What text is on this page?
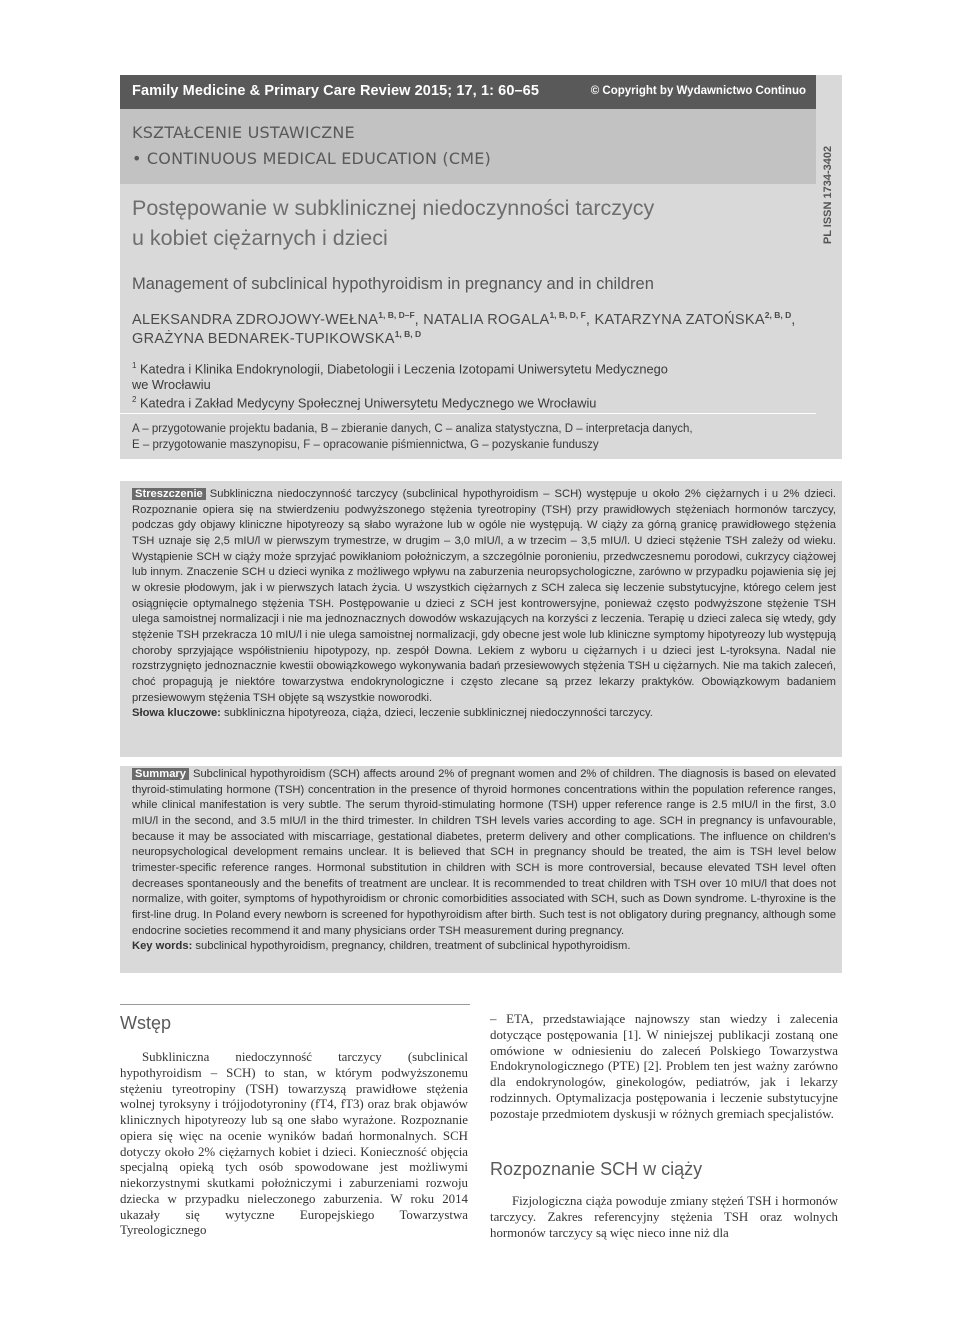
Family Medicine & Primary Care Review 2015; 17, 1: 60–65	© Copyright by Wydawnictwo Continuo
PL ISSN 1734-3402
KSZTAŁCENIE USTAWICZNE
• CONTINUOUS MEDICAL EDUCATION (CME)
Postępowanie w subklinicznej niedoczynności tarczycy
u kobiet ciężarnych i dzieci
Management of subclinical hypothyroidism in pregnancy and in children
ALEKSANDRA ZDROJOWY-$WEŁNA^{1, B, D-F}$, NATALIA $ROGALA^{1, B, D, F}$, KATARZYNA $ZATOŃSKA^{2, B, D}$,
GRAŻYNA BEDNAREK-$TUPIKOWSKA^{1, B, D}$
$^1$ Katedra i Klinika Endokrynologii, Diabetologii i Leczenia Izotopami Uniwersytetu Medycznego
we Wrocławiu
$^2$ Katedra i Zakład Medycyny Społecznej Uniwersytetu Medycznego we Wrocławiu
A – przygotowanie projektu badania, B – zbieranie danych, C – analiza statystyczna, D – interpretacja danych,
E – przygotowanie maszynopisu, F – opracowanie piśmiennictwa, G – pozyskanie funduszy
Streszczenie Subkliniczna niedoczynność tarczycy (subclinical hypothyroidism – SCH) występuje u około 2% ciężarnych i u 2% dzieci. Rozpoznanie opiera się na stwierdzeniu podwyższonego stężenia tyreotropiny (TSH) przy prawidłowych stężeniach hormonów tarczycy, podczas gdy objawy kliniczne hipotyreozy są słabo wyrażone lub w ogóle nie występują. W ciąży za górną granicę prawidłowego stężenia TSH uznaje się 2,5 mIU/l w pierwszym trymestrze, w drugim – 3,0 mIU/l, a w trzecim – 3,5 mIU/l. U dzieci stężenie TSH zależy od wieku. Wystąpienie SCH w ciąży może sprzyjać powikłaniom położniczym, a szczególnie poronieniu, przedwczesnemu porodowi, cukrzycy ciążowej lub innym. Znaczenie SCH u dzieci wynika z możliwego wpływu na zaburzenia neuropsychologiczne, zarówno w przypadku pojawienia się jej w okresie płodowym, jak i w pierwszych latach życia. U wszystkich ciężarnych z SCH zaleca się leczenie substytucyjne, którego celem jest osiągnięcie optymalnego stężenia TSH. Postępowanie u dzieci z SCH jest kontrowersyjne, ponieważ często podwyższone stężenie TSH ulega samoistnej normalizacji i nie ma jednoznacznych dowodów wskazujących na korzyści z leczenia. Terapię u dzieci zaleca się wtedy, gdy stężenie TSH przekracza 10 mIU/l i nie ulega samoistnej normalizacji, gdy obecne jest wole lub kliniczne symptomy hipotyreozy lub występują choroby sprzyjające współistnieniu hipotypozy, np. zespół Downa. Lekiem z wyboru u ciężarnych i u dzieci jest L-tyroksyna. Nadal nie rozstrzygnięto jednoznacznie kwestii obowiązkowego wykonywania badań przesiewowych stężenia TSH u ciężarnych. Nie ma takich zaleceń, choć propagują je niektóre towarzystwa endokrynologiczne i często zlecane są przez lekarzy praktyków. Obowiązkowym badaniem przesiewowym stężenia TSH objęte są wszystkie noworodki.
Słowa kluczowe: subkliniczna hipotyreoza, ciąża, dzieci, leczenie subklinicznej niedoczynności tarczycy.
Summary Subclinical hypothyroidism (SCH) affects around 2% of pregnant women and 2% of children. The diagnosis is based on elevated thyroid-stimulating hormone (TSH) concentration in the presence of thyroid hormones concentrations within the population reference ranges, while clinical manifestation is very subtle. The serum thyroid-stimulating hormone (TSH) upper reference range is 2.5 mIU/l in the first, 3.0 mIU/l in the second, and 3.5 mIU/l in the third trimester. In children TSH levels varies according to age. SCH in pregnancy is unfavourable, because it may be associated with miscarriage, gestational diabetes, preterm delivery and other complications. The influence on children's neuropsychological development remains unclear. It is believed that SCH in pregnancy should be treated, the aim is TSH level below trimester-specific reference ranges. Hormonal substitution in children with SCH is more controversial, because elevated TSH level often decreases spontaneously and the benefits of treatment are unclear. It is recommended to treat children with TSH over 10 mIU/l that does not normalize, with goiter, symptoms of hypothyroidism or chronic comorbidities associated with SCH, such as Down syndrome. L-thyroxine is the first-line drug. In Poland every newborn is screened for hypothyroidism after birth. Such test is not obligatory during pregnancy, although some endocrine societies recommend it and many physicians order TSH measurement during pregnancy.
Key words: subclinical hypothyroidism, pregnancy, children, treatment of subclinical hypothyroidism.
Wstęp

Subkliniczna niedoczynność tarczycy (subclinical hypothyroidism – SCH) to stan, w którym podwyższonemu stężeniu tyreotropiny (TSH) towarzyszą prawidłowe stężenia wolnej tyroksyny i trójjodotyroniny (fT4, fT3) oraz brak objawów klinicznych hipotyreozy lub są one słabo wyrażone. Rozpoznanie opiera się więc na ocenie wyników badań hormonalnych. SCH dotyczy około 2% ciężarnych kobiet i dzieci. Konieczność objęcia specjalną opieką tych osób spowodowane jest możliwymi niekorzystnymi skutkami położniczymi i zaburzeniami rozwoju dziecka w przypadku nieleczonego zaburzenia. W roku 2014 ukazały się wytyczne Europejskiego Towarzystwa Tyreologicznego

– ETA, przedstawiające najnowszy stan wiedzy i zalecenia dotyczące postępowania [1]. W niniejszej publikacji zostaną one omówione w odniesieniu do zaleceń Polskiego Towarzystwa Endokrynologicznego (PTE) [2]. Problem ten jest ważny zarówno dla endokrynologów, ginekologów, pediatrów, jak i lekarzy rodzinnych. Optymalizacja postępowania i leczenie substytucyjne pozostaje przedmiotem dyskusji w różnych gremiach specjalistów.

Rozpoznanie SCH w ciąży

Fizjologiczna ciąża powoduje zmiany stężeń TSH i hormonów tarczycy. Zakres referencyjny stężenia TSH oraz wolnych hormonów tarczycy są więc nieco inne niż dla
